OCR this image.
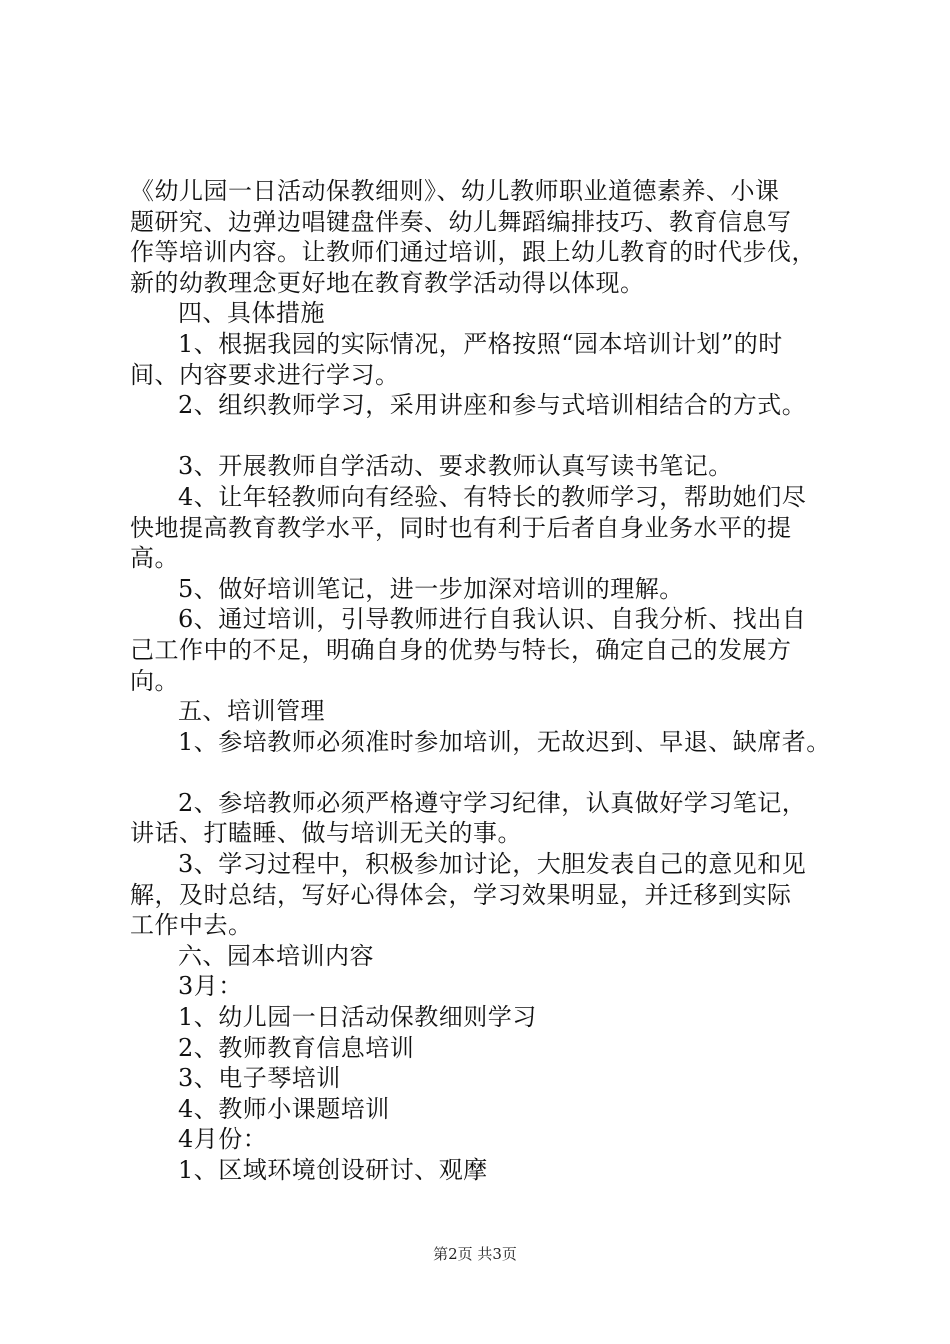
《幼儿园一日活动保教细则》、幼儿教师职业道德素养、小课
题研究、边弹边唱键盘伴奏、幼儿舞蹈编排技巧、教育信息写
作等培训内容。让教师们通过培训，跟上幼儿教育的时代步伐，
新的幼教理念更好地在教育教学活动得以体现。
四、具体措施
1、根据我园的实际情况，严格按照“园本培训计划”的时
间、内容要求进行学习。
2、组织教师学习，采用讲座和参与式培训相结合的方式。
3、开展教师自学活动、要求教师认真写读书笔记。
4、让年轻教师向有经验、有特长的教师学习，帮助她们尽
快地提高教育教学水平，同时也有利于后者自身业务水平的提
高。
5、做好培训笔记，进一步加深对培训的理解。
6、通过培训，引导教师进行自我认识、自我分析、找出自
己工作中的不足，明确自身的优势与特长，确定自己的发展方
向。
五、培训管理
1、参培教师必须准时参加培训，无故迟到、早退、缺席者。
2、参培教师必须严格遵守学习纪律，认真做好学习笔记，
讲话、打瞌睡、做与培训无关的事。
3、学习过程中，积极参加讨论，大胆发表自己的意见和见
解，及时总结，写好心得体会，学习效果明显，并迁移到实际
工作中去。
六、园本培训内容
3月：
1、幼儿园一日活动保教细则学习
2、教师教育信息培训
3、电子琴培训
4、教师小课题培训
4月份：
1、区域环境创设研讨、观摩
第2页 共3页
